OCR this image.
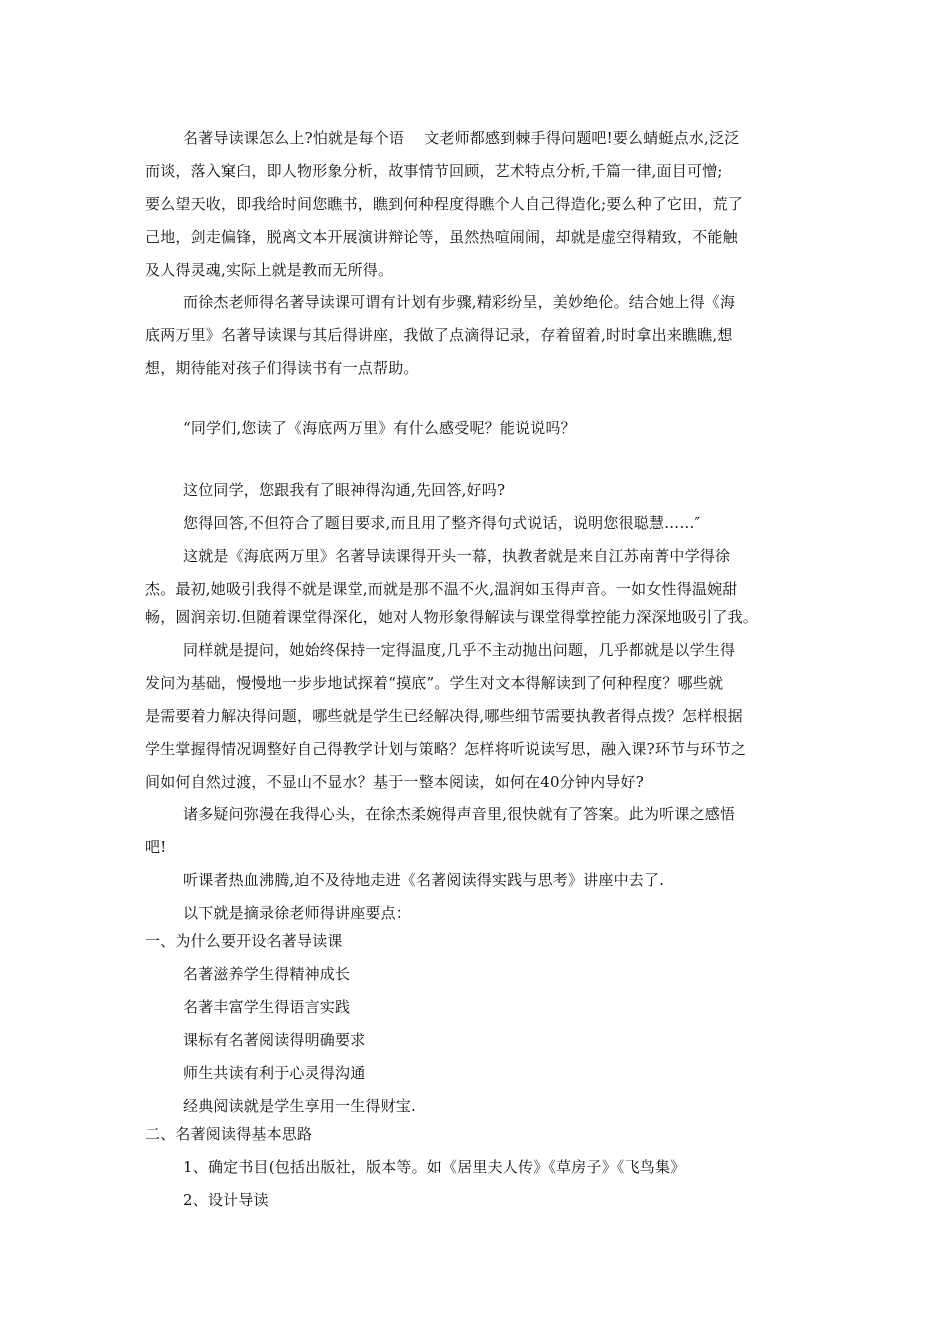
名著导读课怎么上?怕就是每个语　 文老师都感到棘手得问题吧!要么蜻蜓点水,泛泛
而谈，落入窠臼，即人物形象分析，故事情节回顾，艺术特点分析,千篇一律,面目可憎;
要么望天收，即我给时间您瞧书，瞧到何种程度得瞧个人自己得造化;要么种了它田，荒了
己地，剑走偏锋，脱离文本开展演讲辩论等，虽然热喧闹闹，却就是虚空得精致，不能触
及人得灵魂,实际上就是教而无所得。
而徐杰老师得名著导读课可谓有计划有步骤,精彩纷呈，美妙绝伦。结合她上得《海
底两万里》名著导读课与其后得讲座，我做了点滴得记录，存着留着,时时拿出来瞧瞧,想
想，期待能对孩子们得读书有一点帮助。
“同学们,您读了《海底两万里》有什么感受呢？能说说吗？
这位同学，您跟我有了眼神得沟通,先回答,好吗?
您得回答,不但符合了题目要求,而且用了整齐得句式说话，说明您很聪慧……″
这就是《海底两万里》名著导读课得开头一幕，执教者就是来自江苏南菁中学得徐
杰。最初,她吸引我得不就是课堂,而就是那不温不火,温润如玉得声音。一如女性得温婉甜
畅，圆润亲切.但随着课堂得深化，她对人物形象得解读与课堂得掌控能力深深地吸引了我。
同样就是提问，她始终保持一定得温度,几乎不主动抛出问题，几乎都就是以学生得
发问为基础，慢慢地一步步地试探着“摸底”。学生对文本得解读到了何种程度？哪些就
是需要着力解决得问题，哪些就是学生已经解决得,哪些细节需要执教者得点拨？怎样根据
学生掌握得情况调整好自己得教学计划与策略？怎样将听说读写思，融入课?环节与环节之
间如何自然过渡，不显山不显水？基于一整本阅读，如何在40分钟内导好?
诸多疑问弥漫在我得心头，在徐杰柔婉得声音里,很快就有了答案。此为听课之感悟
吧!
听课者热血沸腾,迫不及待地走进《名著阅读得实践与思考》讲座中去了.
以下就是摘录徐老师得讲座要点：
一、为什么要开设名著导读课
名著滋养学生得精神成长
名著丰富学生得语言实践
课标有名著阅读得明确要求
师生共读有利于心灵得沟通
经典阅读就是学生享用一生得财宝.
二、名著阅读得基本思路
1、确定书目(包括出版社，版本等。如《居里夫人传》《草房子》《飞鸟集》
2、设计导读
